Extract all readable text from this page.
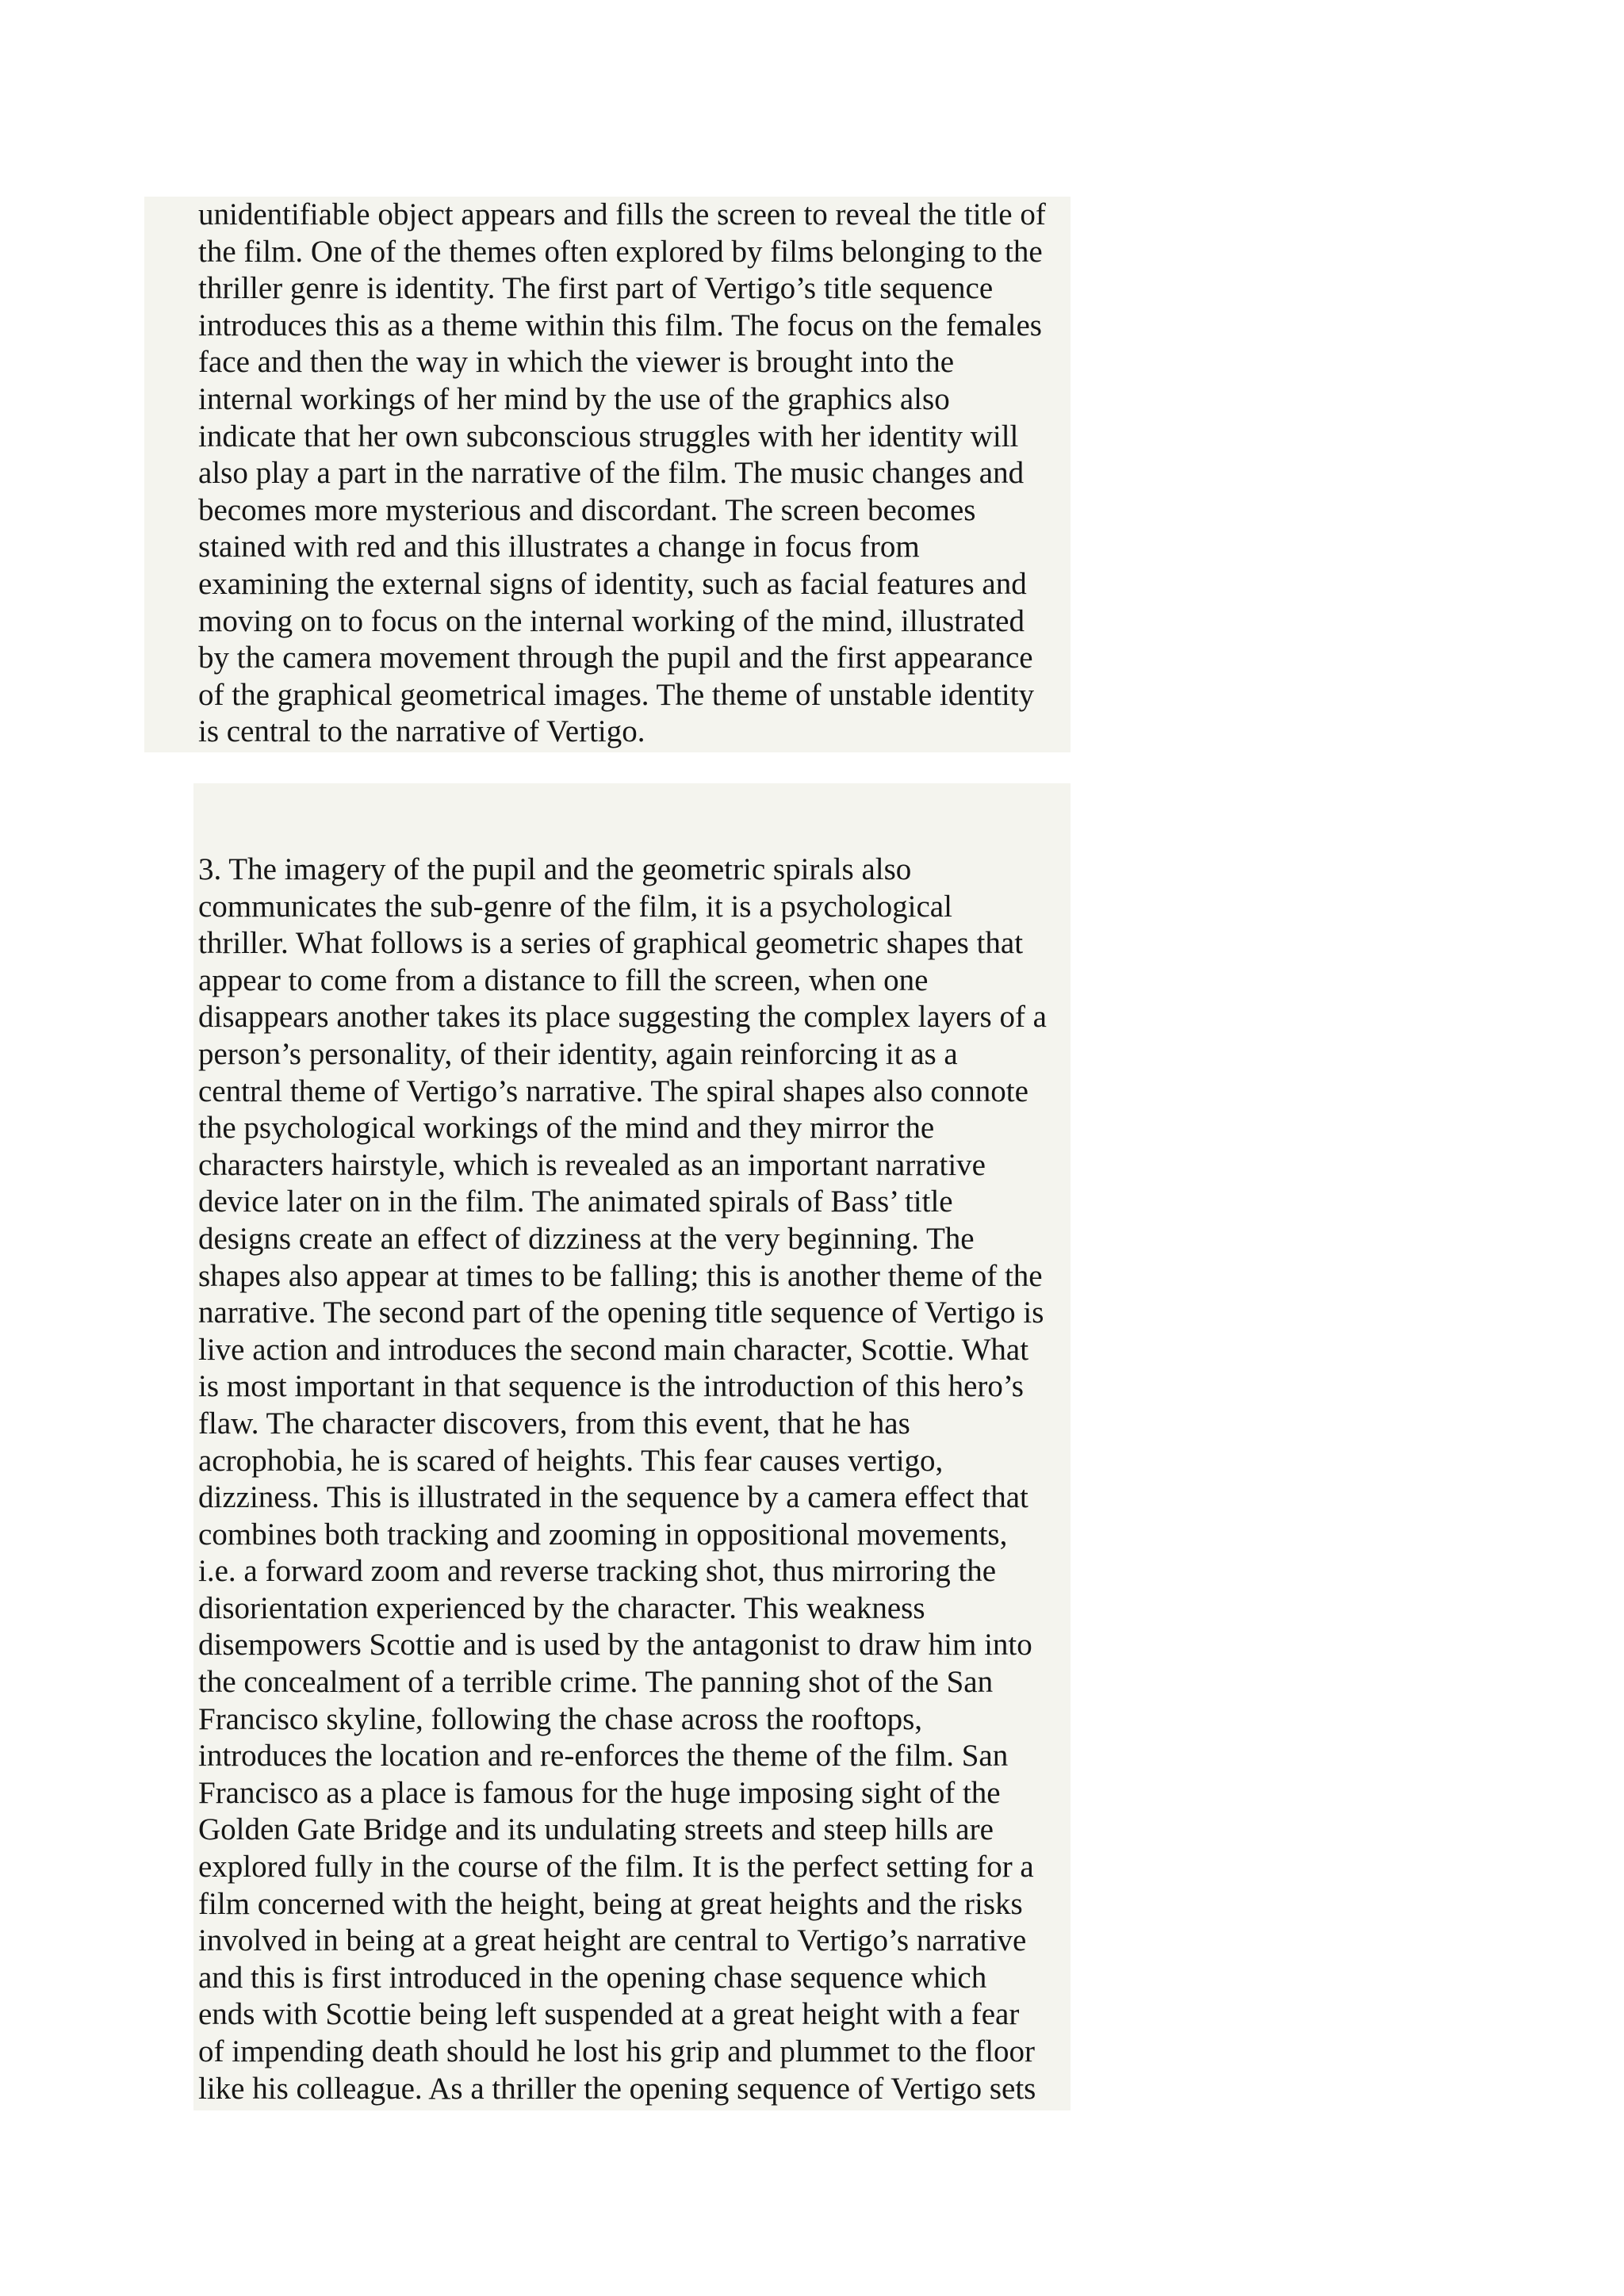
unidentifiable object appears and fills the screen to reveal the title of
the film. One of the themes often explored by films belonging to the
thriller genre is identity. The first part of Vertigo’s title sequence
introduces this as a theme within this film. The focus on the females
face and then the way in which the viewer is brought into the
internal workings of her mind by the use of the graphics also
indicate that her own subconscious struggles with her identity will
also play a part in the narrative of the film. The music changes and
becomes more mysterious and discordant. The screen becomes
stained with red and this illustrates a change in focus from
examining the external signs of identity, such as facial features and
moving on to focus on the internal working of the mind, illustrated
by the camera movement through the pupil and the first appearance
of the graphical geometrical images. The theme of unstable identity
is central to the narrative of Vertigo.
3. The imagery of the pupil and the geometric spirals also
communicates the sub-genre of the film, it is a psychological
thriller. What follows is a series of graphical geometric shapes that
appear to come from a distance to fill the screen, when one
disappears another takes its place suggesting the complex layers of a
person’s personality, of their identity, again reinforcing it as a
central theme of Vertigo’s narrative. The spiral shapes also connote
the psychological workings of the mind and they mirror the
characters hairstyle, which is revealed as an important narrative
device later on in the film. The animated spirals of Bass’ title
designs create an effect of dizziness at the very beginning. The
shapes also appear at times to be falling; this is another theme of the
narrative. The second part of the opening title sequence of Vertigo is
live action and introduces the second main character, Scottie. What
is most important in that sequence is the introduction of this hero’s
flaw. The character discovers, from this event, that he has
acrophobia, he is scared of heights. This fear causes vertigo,
dizziness. This is illustrated in the sequence by a camera effect that
combines both tracking and zooming in oppositional movements,
i.e. a forward zoom and reverse tracking shot, thus mirroring the
disorientation experienced by the character. This weakness
disempowers Scottie and is used by the antagonist to draw him into
the concealment of a terrible crime. The panning shot of the San
Francisco skyline, following the chase across the rooftops,
introduces the location and re-enforces the theme of the film. San
Francisco as a place is famous for the huge imposing sight of the
Golden Gate Bridge and its undulating streets and steep hills are
explored fully in the course of the film. It is the perfect setting for a
film concerned with the height, being at great heights and the risks
involved in being at a great height are central to Vertigo’s narrative
and this is first introduced in the opening chase sequence which
ends with Scottie being left suspended at a great height with a fear
of impending death should he lost his grip and plummet to the floor
like his colleague. As a thriller the opening sequence of Vertigo sets
